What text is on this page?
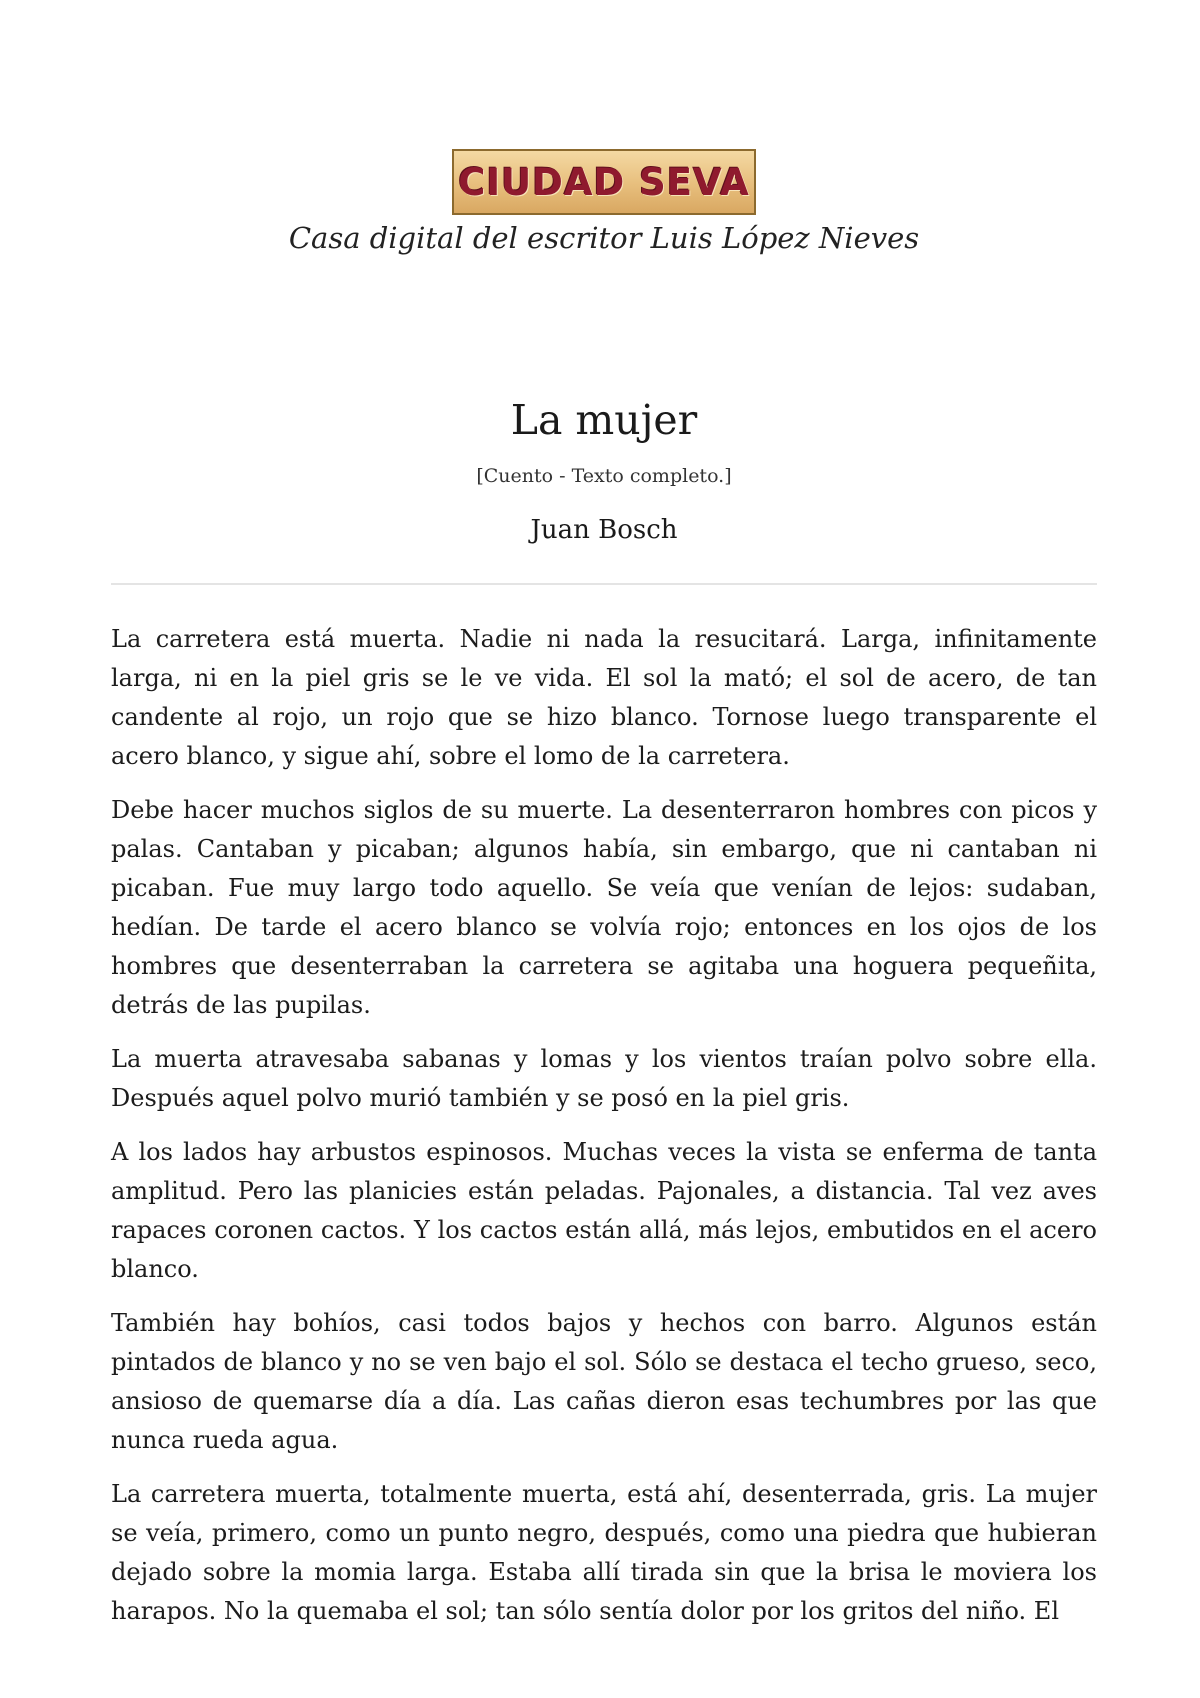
CIUDAD SEVA
Casa digital del escritor Luis López Nieves
La mujer
[Cuento - Texto completo.]
Juan Bosch

La carretera está muerta. Nadie ni nada la resucitará. Larga, infinitamente larga, ni en la piel gris se le ve vida. El sol la mató; el sol de acero, de tan candente al rojo, un rojo que se hizo blanco. Tornose luego transparente el acero blanco, y sigue ahí, sobre el lomo de la carretera.

Debe hacer muchos siglos de su muerte. La desenterraron hombres con picos y palas. Cantaban y picaban; algunos había, sin embargo, que ni cantaban ni picaban. Fue muy largo todo aquello. Se veía que venían de lejos: sudaban, hedían. De tarde el acero blanco se volvía rojo; entonces en los ojos de los hombres que desenterraban la carretera se agitaba una hoguera pequeñita, detrás de las pupilas.

La muerta atravesaba sabanas y lomas y los vientos traían polvo sobre ella. Después aquel polvo murió también y se posó en la piel gris.

A los lados hay arbustos espinosos. Muchas veces la vista se enferma de tanta amplitud. Pero las planicies están peladas. Pajonales, a distancia. Tal vez aves rapaces coronen cactos. Y los cactos están allá, más lejos, embutidos en el acero blanco.

También hay bohíos, casi todos bajos y hechos con barro. Algunos están pintados de blanco y no se ven bajo el sol. Sólo se destaca el techo grueso, seco, ansioso de quemarse día a día. Las cañas dieron esas techumbres por las que nunca rueda agua.

La carretera muerta, totalmente muerta, está ahí, desenterrada, gris. La mujer se veía, primero, como un punto negro, después, como una piedra que hubieran dejado sobre la momia larga. Estaba allí tirada sin que la brisa le moviera los harapos. No la quemaba el sol; tan sólo sentía dolor por los gritos del niño. El
